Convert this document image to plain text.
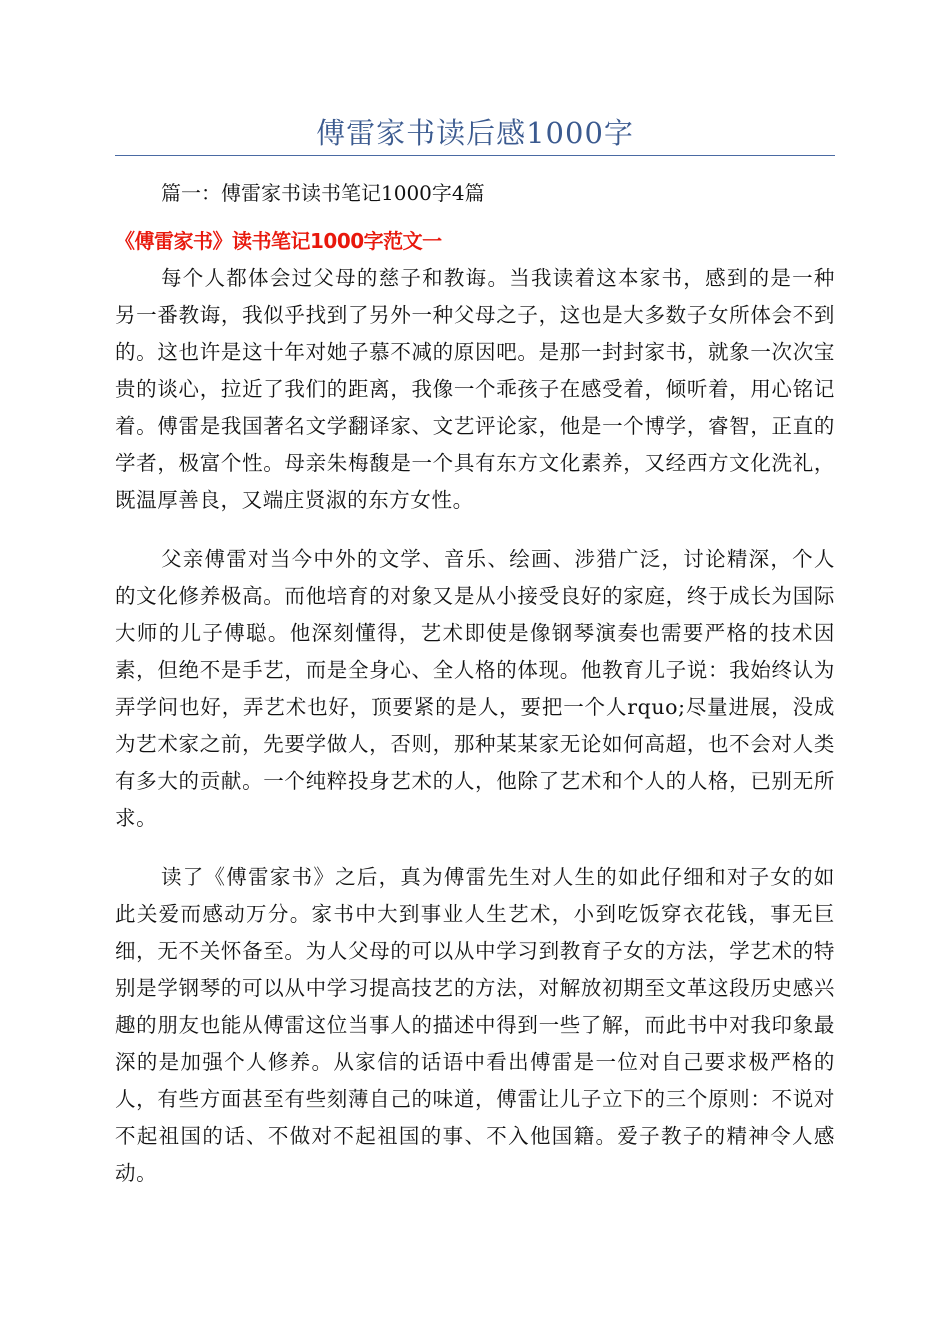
傅雷家书读后感1000字
篇一：傅雷家书读书笔记1000字4篇
《傅雷家书》读书笔记1000字范文一

每个人都体会过父母的慈子和教诲。当我读着这本家书，感到的是一种另一番教诲，我似乎找到了另外一种父母之子，这也是大多数子女所体会不到的。这也许是这十年对她子慕不减的原因吧。是那一封封家书，就象一次次宝贵的谈心，拉近了我们的距离，我像一个乖孩子在感受着，倾听着，用心铭记着。傅雷是我国著名文学翻译家、文艺评论家，他是一个博学，睿智，正直的学者，极富个性。母亲朱梅馥是一个具有东方文化素养，又经西方文化洗礼，既温厚善良，又端庄贤淑的东方女性。

父亲傅雷对当今中外的文学、音乐、绘画、涉猎广泛，讨论精深，个人的文化修养极高。而他培育的对象又是从小接受良好的家庭，终于成长为国际大师的儿子傅聪。他深刻懂得，艺术即使是像钢琴演奏也需要严格的技术因素，但绝不是手艺，而是全身心、全人格的体现。他教育儿子说：我始终认为弄学问也好，弄艺术也好，顶要紧的是人，要把一个人rquo;尽量进展，没成为艺术家之前，先要学做人，否则，那种某某家无论如何高超，也不会对人类有多大的贡献。一个纯粹投身艺术的人，他除了艺术和个人的人格，已别无所求。

读了《傅雷家书》之后，真为傅雷先生对人生的如此仔细和对子女的如此关爱而感动万分。家书中大到事业人生艺术，小到吃饭穿衣花钱，事无巨细，无不关怀备至。为人父母的可以从中学习到教育子女的方法，学艺术的特别是学钢琴的可以从中学习提高技艺的方法，对解放初期至文革这段历史感兴趣的朋友也能从傅雷这位当事人的描述中得到一些了解，而此书中对我印象最深的是加强个人修养。从家信的话语中看出傅雷是一位对自己要求极严格的人，有些方面甚至有些刻薄自己的味道，傅雷让儿子立下的三个原则：不说对不起祖国的话、不做对不起祖国的事、不入他国籍。爱子教子的精神令人感动。
